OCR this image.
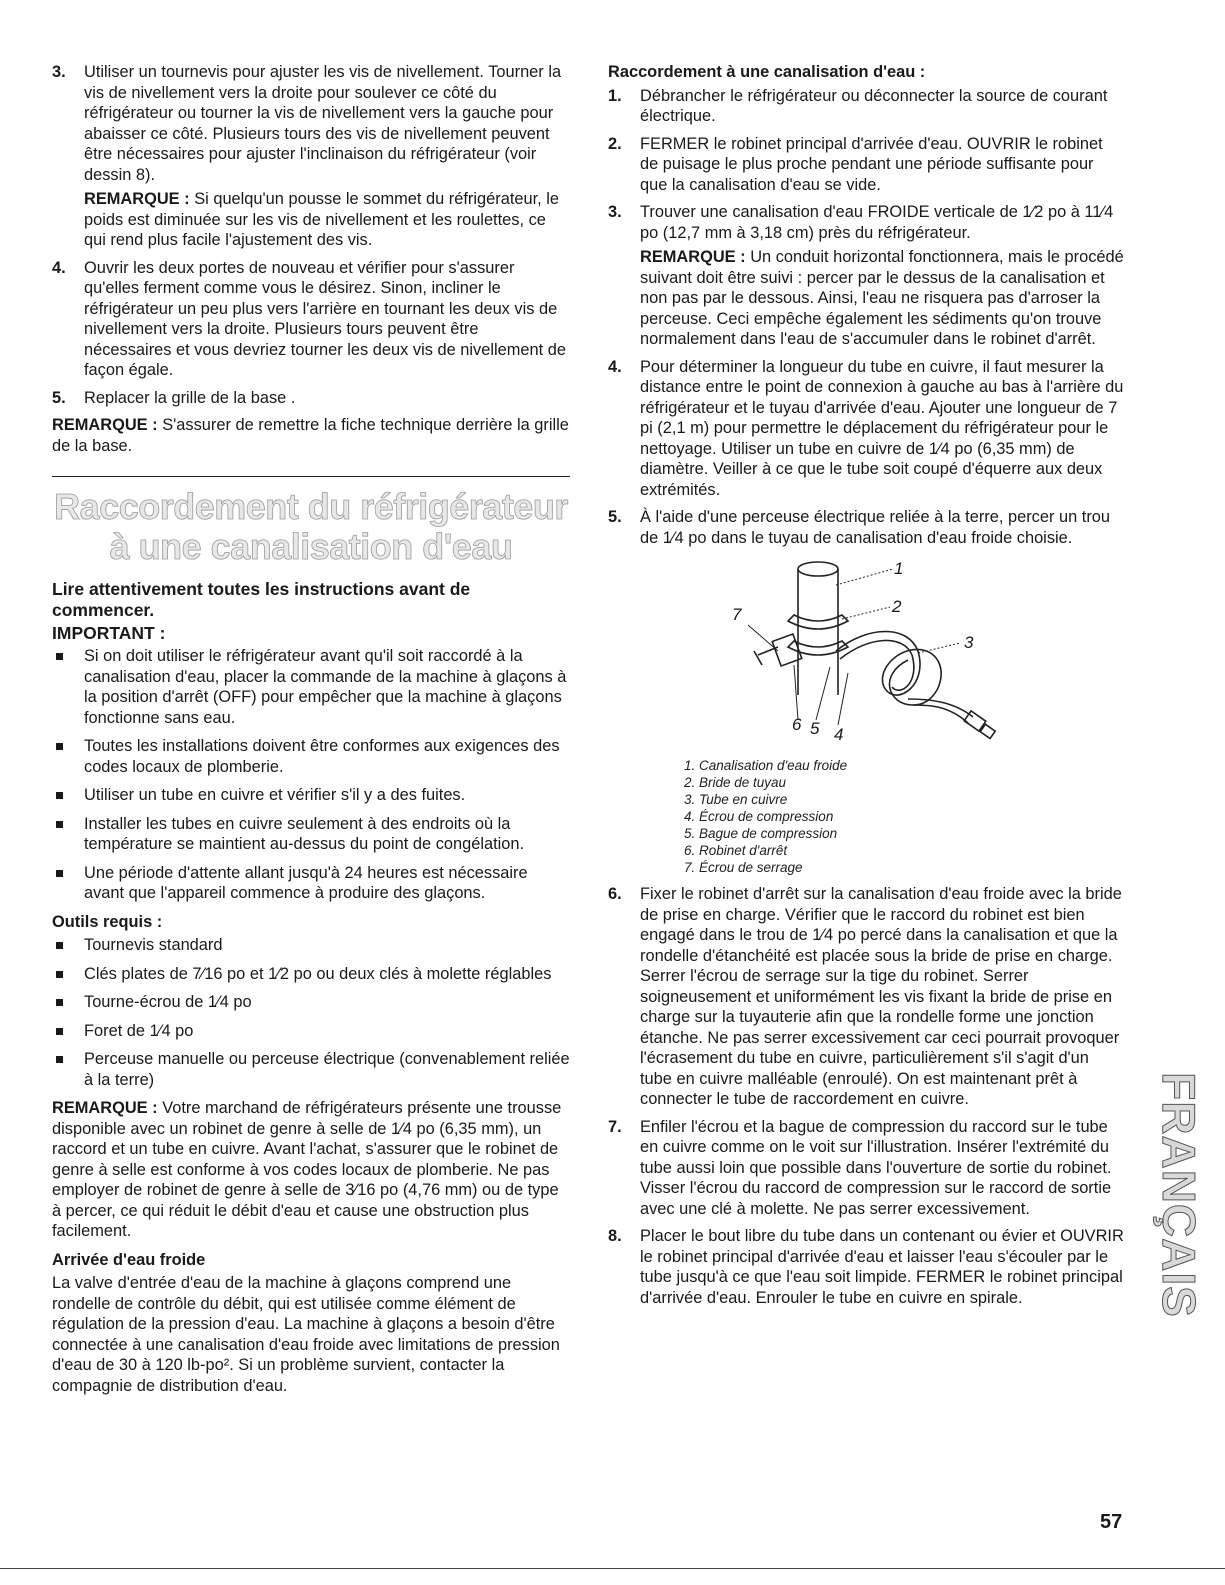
3. Utiliser un tournevis pour ajuster les vis de nivellement. Tourner la vis de nivellement vers la droite pour soulever ce côté du réfrigérateur ou tourner la vis de nivellement vers la gauche pour abaisser ce côté. Plusieurs tours des vis de nivellement peuvent être nécessaires pour ajuster l'inclinaison du réfrigérateur (voir dessin 8).

REMARQUE : Si quelqu'un pousse le sommet du réfrigérateur, le poids est diminuée sur les vis de nivellement et les roulettes, ce qui rend plus facile l'ajustement des vis.

4. Ouvrir les deux portes de nouveau et vérifier pour s'assurer qu'elles ferment comme vous le désirez. Sinon, incliner le réfrigérateur un peu plus vers l'arrière en tournant les deux vis de nivellement vers la droite. Plusieurs tours peuvent être nécessaires et vous devriez tourner les deux vis de nivellement de façon égale.

5. Replacer la grille de la base .

REMARQUE : S'assurer de remettre la fiche technique derrière la grille de la base.

Raccordement du réfrigérateur à une canalisation d'eau
Lire attentivement toutes les instructions avant de commencer.
IMPORTANT :
Si on doit utiliser le réfrigérateur avant qu'il soit raccordé à la canalisation d'eau, placer la commande de la machine à glaçons à la position d'arrêt (OFF) pour empêcher que la machine à glaçons fonctionne sans eau.
Toutes les installations doivent être conformes aux exigences des codes locaux de plomberie.
Utiliser un tube en cuivre et vérifier s'il y a des fuites.
Installer les tubes en cuivre seulement à des endroits où la température se maintient au-dessus du point de congélation.
Une période d'attente allant jusqu'à 24 heures est nécessaire avant que l'appareil commence à produire des glaçons.
Outils requis :
Tournevis standard
Clés plates de 7⁄16 po et 1⁄2 po ou deux clés à molette réglables
Tourne-écrou de 1⁄4 po
Foret de 1⁄4 po
Perceuse manuelle ou perceuse électrique (convenablement reliée à la terre)

REMARQUE : Votre marchand de réfrigérateurs présente une trousse disponible avec un robinet de genre à selle de 1⁄4 po (6,35 mm), un raccord et un tube en cuivre. Avant l'achat, s'assurer que le robinet de genre à selle est conforme à vos codes locaux de plomberie. Ne pas employer de robinet de genre à selle de 3⁄16 po (4,76 mm) ou de type à percer, ce qui réduit le débit d'eau et cause une obstruction plus facilement.

Arrivée d'eau froide

La valve d'entrée d'eau de la machine à glaçons comprend une rondelle de contrôle du débit, qui est utilisée comme élément de régulation de la pression d'eau. La machine à glaçons a besoin d'être connectée à une canalisation d'eau froide avec limitations de pression d'eau de 30 à 120 lb-po². Si un problème survient, contacter la compagnie de distribution d'eau.

Raccordement à une canalisation d'eau :
1. Débrancher le réfrigérateur ou déconnecter la source de courant électrique.

2. FERMER le robinet principal d'arrivée d'eau. OUVRIR le robinet de puisage le plus proche pendant une période suffisante pour que la canalisation d'eau se vide.

3. Trouver une canalisation d'eau FROIDE verticale de 1⁄2 po à 11⁄4 po (12,7 mm à 3,18 cm) près du réfrigérateur.

REMARQUE : Un conduit horizontal fonctionnera, mais le procédé suivant doit être suivi : percer par le dessus de la canalisation et non pas par le dessous. Ainsi, l'eau ne risquera pas d'arroser la perceuse. Ceci empêche également les sédiments qu'on trouve normalement dans l'eau de s'accumuler dans le robinet d'arrêt.

4. Pour déterminer la longueur du tube en cuivre, il faut mesurer la distance entre le point de connexion à gauche au bas à l'arrière du réfrigérateur et le tuyau d'arrivée d'eau. Ajouter une longueur de 7 pi (2,1 m) pour permettre le déplacement du réfrigérateur pour le nettoyage. Utiliser un tube en cuivre de 1⁄4 po (6,35 mm) de diamètre. Veiller à ce que le tube soit coupé d'équerre aux deux extrémités.

5. À l'aide d'une perceuse électrique reliée à la terre, percer un trou de 1⁄4 po dans le tuyau de canalisation d'eau froide choisie.

1
2
3
4
5
6
7
1. Canalisation d'eau froide
2. Bride de tuyau
3. Tube en cuivre
4. Écrou de compression
5. Bague de compression
6. Robinet d'arrêt
7. Écrou de serrage
6. Fixer le robinet d'arrêt sur la canalisation d'eau froide avec la bride de prise en charge. Vérifier que le raccord du robinet est bien engagé dans le trou de 1⁄4 po percé dans la canalisation et que la rondelle d'étanchéité est placée sous la bride de prise en charge. Serrer l'écrou de serrage sur la tige du robinet. Serrer soigneusement et uniformément les vis fixant la bride de prise en charge sur la tuyauterie afin que la rondelle forme une jonction étanche. Ne pas serrer excessivement car ceci pourrait provoquer l'écrasement du tube en cuivre, particulièrement s'il s'agit d'un tube en cuivre malléable (enroulé). On est maintenant prêt à connecter le tube de raccordement en cuivre.

7. Enfiler l'écrou et la bague de compression du raccord sur le tube en cuivre comme on le voit sur l'illustration. Insérer l'extrémité du tube aussi loin que possible dans l'ouverture de sortie du robinet. Visser l'écrou du raccord de compression sur le raccord de sortie avec une clé à molette. Ne pas serrer excessivement.

8. Placer le bout libre du tube dans un contenant ou évier et OUVRIR le robinet principal d'arrivée d'eau et laisser l'eau s'écouler par le tube jusqu'à ce que l'eau soit limpide. FERMER le robinet principal d'arrivée d'eau. Enrouler le tube en cuivre en spirale.	FRANÇAIS
57
